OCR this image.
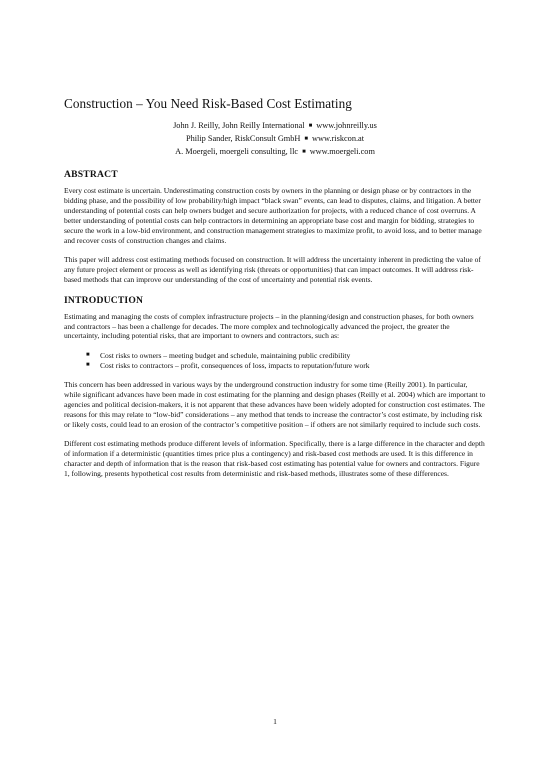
Construction – You Need Risk-Based Cost Estimating
John J. Reilly, John Reilly International ■ www.johnreilly.us
Philip Sander, RiskConsult GmbH ■ www.riskcon.at
A. Moergeli, moergeli consulting, llc ■ www.moergeli.com
ABSTRACT

Every cost estimate is uncertain. Underestimating construction costs by owners in the planning or design phase or by contractors in the bidding phase, and the possibility of low probability/high impact “black swan” events, can lead to disputes, claims, and litigation. A better understanding of potential costs can help owners budget and secure authorization for projects, with a reduced chance of cost overruns. A better understanding of potential costs can help contractors in determining an appropriate base cost and margin for bidding, strategies to secure the work in a low-bid environment, and construction management strategies to maximize profit, to avoid loss, and to better manage and recover costs of construction changes and claims.

This paper will address cost estimating methods focused on construction. It will address the uncertainty inherent in predicting the value of any future project element or process as well as identifying risk (threats or opportunities) that can impact outcomes. It will address risk-based methods that can improve our understanding of the cost of uncertainty and potential risk events.

INTRODUCTION

Estimating and managing the costs of complex infrastructure projects – in the planning/design and construction phases, for both owners and contractors – has been a challenge for decades. The more complex and technologically advanced the project, the greater the uncertainty, including potential risks, that are important to owners and contractors, such as:

■ Cost risks to owners – meeting budget and schedule, maintaining public credibility
■ Cost risks to contractors – profit, consequences of loss, impacts to reputation/future work

This concern has been addressed in various ways by the underground construction industry for some time (Reilly 2001). In particular, while significant advances have been made in cost estimating for the planning and design phases (Reilly et al. 2004) which are important to agencies and political decision-makers, it is not apparent that these advances have been widely adopted for construction cost estimates. The reasons for this may relate to “low-bid” considerations – any method that tends to increase the contractor’s cost estimate, by including risk or likely costs, could lead to an erosion of the contractor’s competitive position – if others are not similarly required to include such costs.

Different cost estimating methods produce different levels of information. Specifically, there is a large difference in the character and depth of information if a deterministic (quantities times price plus a contingency) and risk-based cost methods are used. It is this difference in character and depth of information that is the reason that risk-based cost estimating has potential value for owners and contractors. Figure 1, following, presents hypothetical cost results from deterministic and risk-based methods, illustrates some of these differences.

1
